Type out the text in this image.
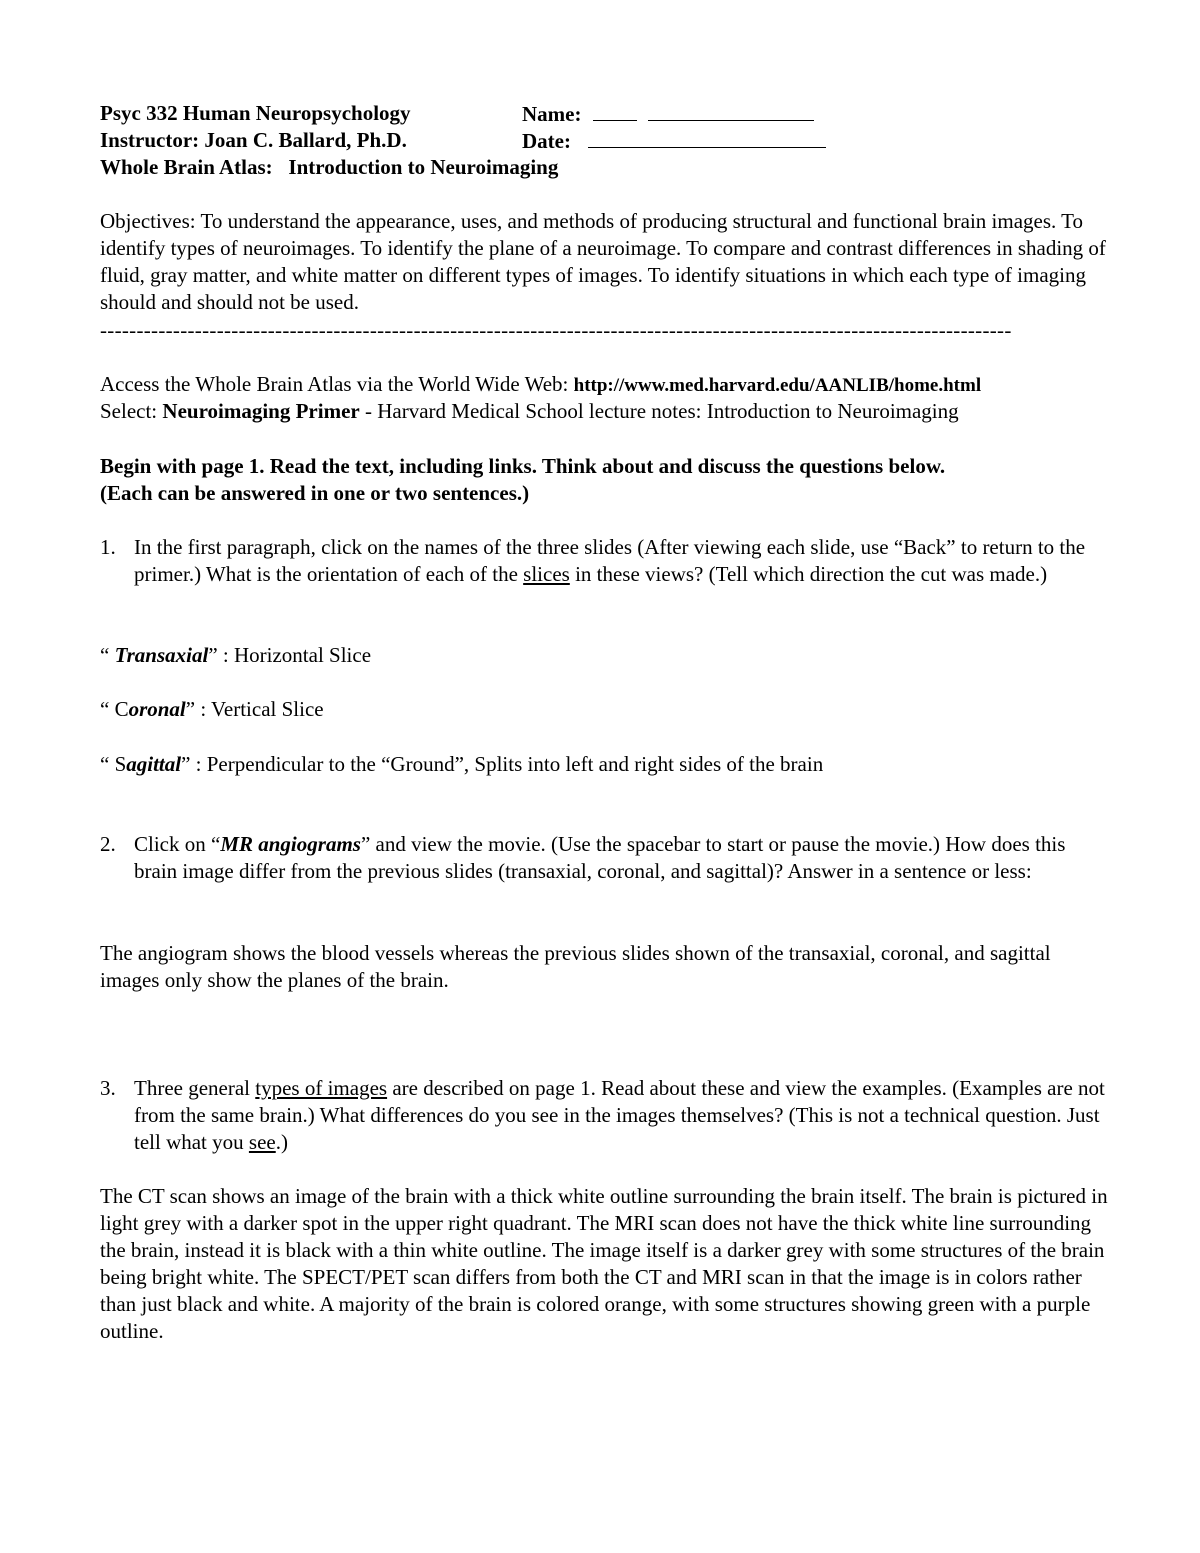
Psyc 332 Human Neuropsychology	Name:
Instructor: Joan C. Ballard, Ph.D.	Date:
Whole Brain Atlas:   Introduction to Neuroimaging
Objectives: To understand the appearance, uses, and methods of producing structural and functional brain images. To identify types of neuroimages. To identify the plane of a neuroimage. To compare and contrast differences in shading of fluid, gray matter, and white matter on different types of images. To identify situations in which each type of imaging should and should not be used.
-----------------------------------------------------------------------------------------------------------------------------
Access the Whole Brain Atlas via the World Wide Web: http://www.med.harvard.edu/AANLIB/home.html
Select: Neuroimaging Primer - Harvard Medical School lecture notes: Introduction to Neuroimaging
Begin with page 1. Read the text, including links. Think about and discuss the questions below.
(Each can be answered in one or two sentences.)
1. In the first paragraph, click on the names of the three slides (After viewing each slide, use “Back” to return to the primer.) What is the orientation of each of the slices in these views? (Tell which direction the cut was made.)
“ Transaxial” : Horizontal Slice
“ Coronal” : Vertical Slice
“ Sagittal” : Perpendicular to the “Ground”, Splits into left and right sides of the brain
2. Click on “MR angiograms” and view the movie. (Use the spacebar to start or pause the movie.) How does this brain image differ from the previous slides (transaxial, coronal, and sagittal)? Answer in a sentence or less:
The angiogram shows the blood vessels whereas the previous slides shown of the transaxial, coronal, and sagittal images only show the planes of the brain.
3. Three general types of images are described on page 1. Read about these and view the examples. (Examples are not from the same brain.) What differences do you see in the images themselves? (This is not a technical question. Just tell what you see.)
The CT scan shows an image of the brain with a thick white outline surrounding the brain itself. The brain is pictured in light grey with a darker spot in the upper right quadrant. The MRI scan does not have the thick white line surrounding the brain, instead it is black with a thin white outline. The image itself is a darker grey with some structures of the brain being bright white. The SPECT/PET scan differs from both the CT and MRI scan in that the image is in colors rather than just black and white. A majority of the brain is colored orange, with some structures showing green with a purple outline.
